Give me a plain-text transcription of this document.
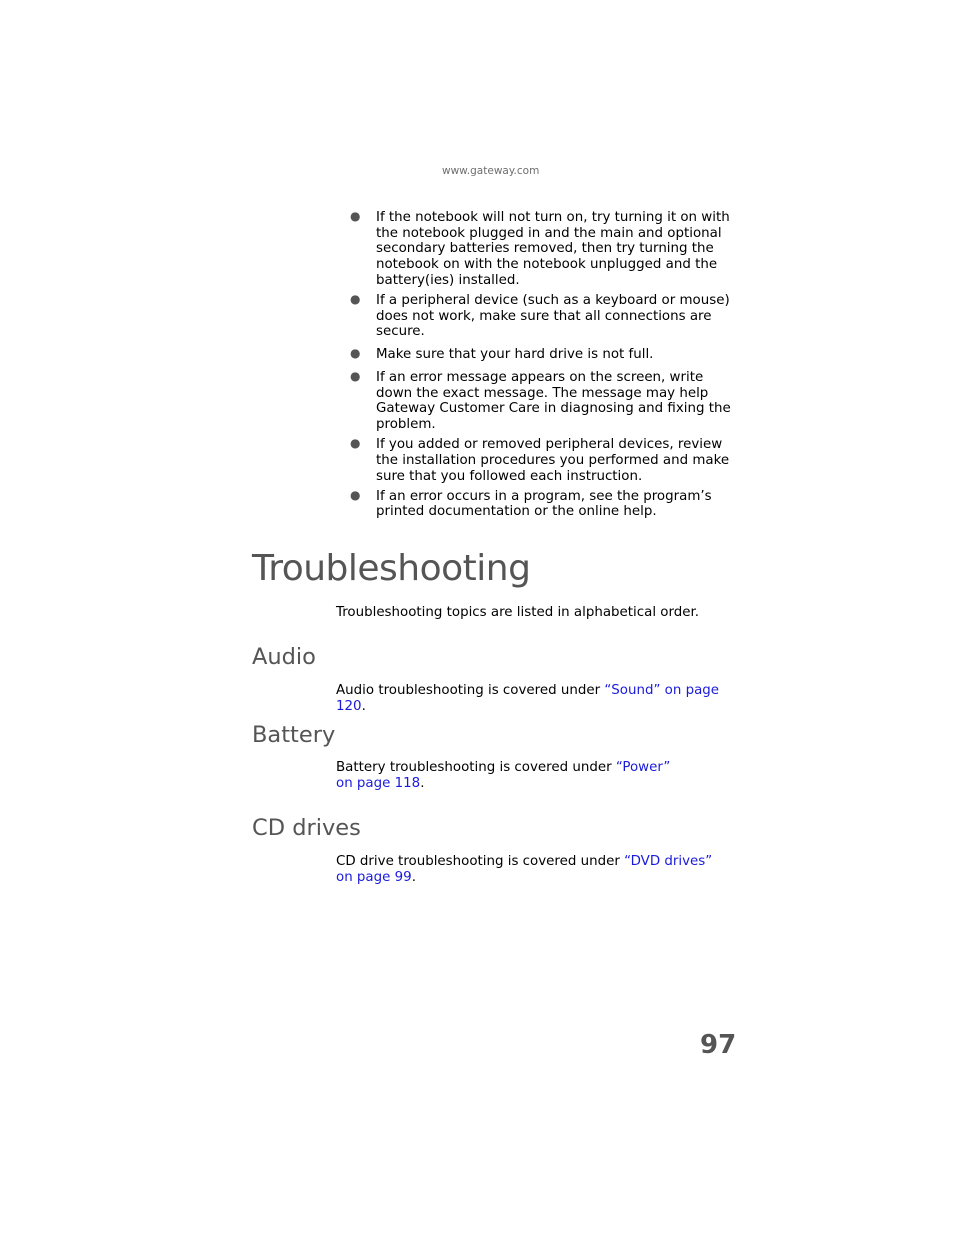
www.gateway.com
● If the notebook will not turn on, try turning it on with the notebook plugged in and the main and optional secondary batteries removed, then try turning the notebook on with the notebook unplugged and the battery(ies) installed.
● If a peripheral device (such as a keyboard or mouse) does not work, make sure that all connections are secure.
● Make sure that your hard drive is not full.
● If an error message appears on the screen, write down the exact message. The message may help Gateway Customer Care in diagnosing and fixing the problem.
● If you added or removed peripheral devices, review the installation procedures you performed and make sure that you followed each instruction.
● If an error occurs in a program, see the program’s printed documentation or the online help.
Troubleshooting

Troubleshooting topics are listed in alphabetical order.

Audio

Audio troubleshooting is covered under “Sound” on page 120.

Battery

Battery troubleshooting is covered under “Power” on page 118.

CD drives

CD drive troubleshooting is covered under “DVD drives” on page 99.

97
